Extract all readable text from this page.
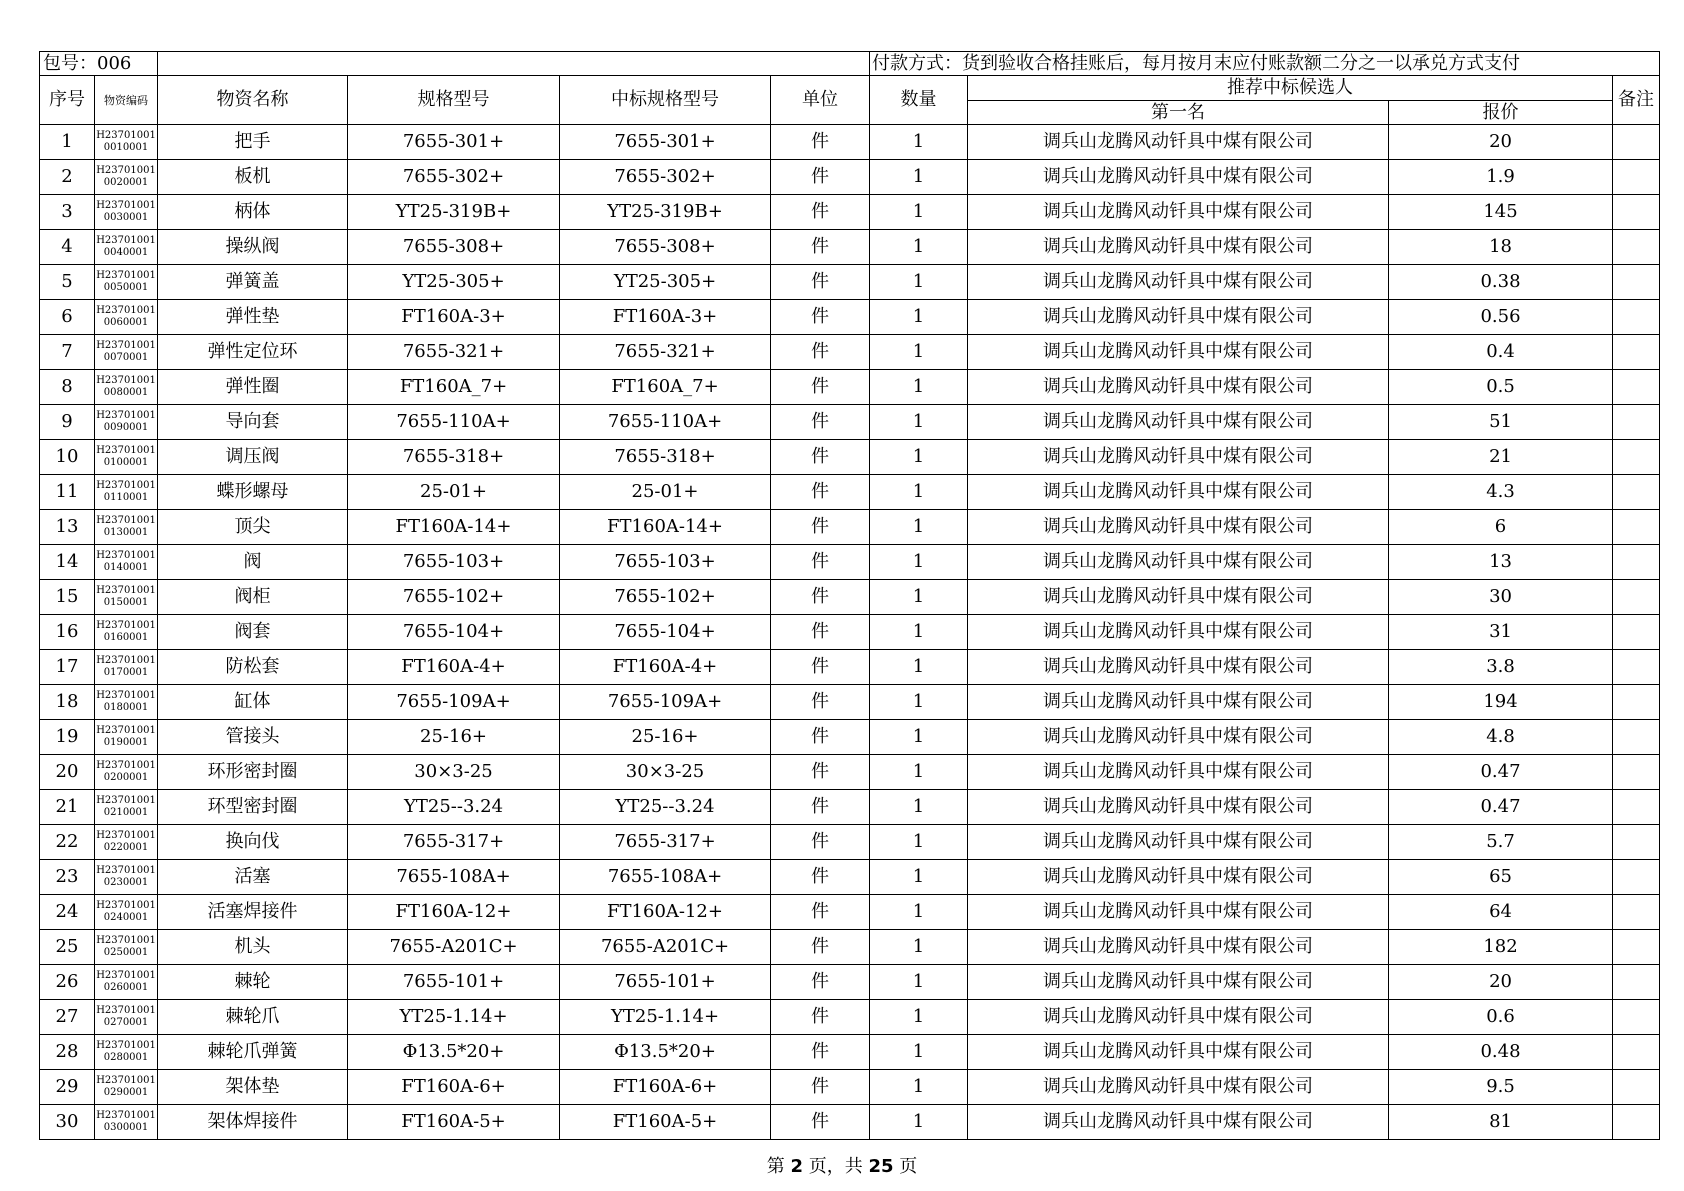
包号：006						付款方式：货到验收合格挂账后，每月按月末应付账款额二分之一以承兑方式支付			
序号	物资编码	物资名称	规格型号	中标规格型号	单位	数量	推荐中标候选人		备注
							第一名	报价	
1	H237010010010001	把手	7655-301+	7655-301+	件	1	调兵山龙腾风动钎具中煤有限公司	20	
2	H237010010020001	板机	7655-302+	7655-302+	件	1	调兵山龙腾风动钎具中煤有限公司	1.9	
3	H237010010030001	柄体	YT25-319B+	YT25-319B+	件	1	调兵山龙腾风动钎具中煤有限公司	145	
4	H237010010040001	操纵阀	7655-308+	7655-308+	件	1	调兵山龙腾风动钎具中煤有限公司	18	
5	H237010010050001	弹簧盖	YT25-305+	YT25-305+	件	1	调兵山龙腾风动钎具中煤有限公司	0.38	
6	H237010010060001	弹性垫	FT160A-3+	FT160A-3+	件	1	调兵山龙腾风动钎具中煤有限公司	0.56	
7	H237010010070001	弹性定位环	7655-321+	7655-321+	件	1	调兵山龙腾风动钎具中煤有限公司	0.4	
8	H237010010080001	弹性圈	FT160A_7+	FT160A_7+	件	1	调兵山龙腾风动钎具中煤有限公司	0.5	
9	H237010010090001	导向套	7655-110A+	7655-110A+	件	1	调兵山龙腾风动钎具中煤有限公司	51	
10	H237010010100001	调压阀	7655-318+	7655-318+	件	1	调兵山龙腾风动钎具中煤有限公司	21	
11	H237010010110001	蝶形螺母	25-01+	25-01+	件	1	调兵山龙腾风动钎具中煤有限公司	4.3	
13	H237010010130001	顶尖	FT160A-14+	FT160A-14+	件	1	调兵山龙腾风动钎具中煤有限公司	6	
14	H237010010140001	阀	7655-103+	7655-103+	件	1	调兵山龙腾风动钎具中煤有限公司	13	
15	H237010010150001	阀柜	7655-102+	7655-102+	件	1	调兵山龙腾风动钎具中煤有限公司	30	
16	H237010010160001	阀套	7655-104+	7655-104+	件	1	调兵山龙腾风动钎具中煤有限公司	31	
17	H237010010170001	防松套	FT160A-4+	FT160A-4+	件	1	调兵山龙腾风动钎具中煤有限公司	3.8	
18	H237010010180001	缸体	7655-109A+	7655-109A+	件	1	调兵山龙腾风动钎具中煤有限公司	194	
19	H237010010190001	管接头	25-16+	25-16+	件	1	调兵山龙腾风动钎具中煤有限公司	4.8	
20	H237010010200001	环形密封圈	30×3-25	30×3-25	件	1	调兵山龙腾风动钎具中煤有限公司	0.47	
21	H237010010210001	环型密封圈	YT25--3.24	YT25--3.24	件	1	调兵山龙腾风动钎具中煤有限公司	0.47	
22	H237010010220001	换向伐	7655-317+	7655-317+	件	1	调兵山龙腾风动钎具中煤有限公司	5.7	
23	H237010010230001	活塞	7655-108A+	7655-108A+	件	1	调兵山龙腾风动钎具中煤有限公司	65	
24	H237010010240001	活塞焊接件	FT160A-12+	FT160A-12+	件	1	调兵山龙腾风动钎具中煤有限公司	64	
25	H237010010250001	机头	7655-A201C+	7655-A201C+	件	1	调兵山龙腾风动钎具中煤有限公司	182	
26	H237010010260001	棘轮	7655-101+	7655-101+	件	1	调兵山龙腾风动钎具中煤有限公司	20	
27	H237010010270001	棘轮爪	YT25-1.14+	YT25-1.14+	件	1	调兵山龙腾风动钎具中煤有限公司	0.6	
28	H237010010280001	棘轮爪弹簧	Φ13.5*20+	Φ13.5*20+	件	1	调兵山龙腾风动钎具中煤有限公司	0.48	
29	H237010010290001	架体垫	FT160A-6+	FT160A-6+	件	1	调兵山龙腾风动钎具中煤有限公司	9.5	
30	H237010010300001	架体焊接件	FT160A-5+	FT160A-5+	件	1	调兵山龙腾风动钎具中煤有限公司	81	
第 2 页，共 25 页
